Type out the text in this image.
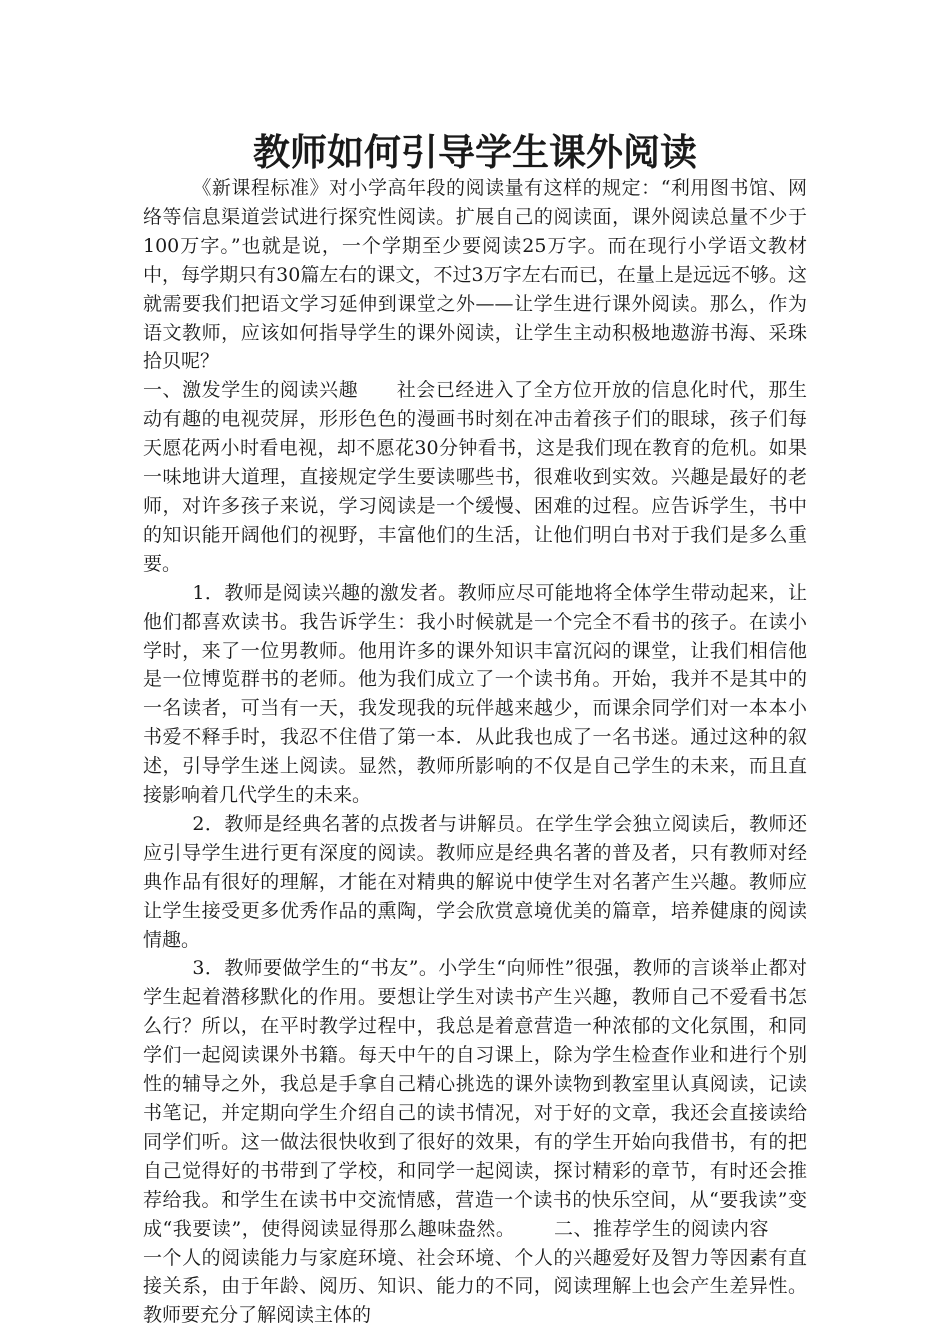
教师如何引导学生课外阅读

《新课程标准》对小学高年段的阅读量有这样的规定：“利用图书馆、网络等信息渠道尝试进行探究性阅读。扩展自己的阅读面，课外阅读总量不少于100万字。”也就是说，一个学期至少要阅读25万字。而在现行小学语文教材中，每学期只有30篇左右的课文，不过3万字左右而已，在量上是远远不够。这就需要我们把语文学习延伸到课堂之外——让学生进行课外阅读。那么，作为语文教师，应该如何指导学生的课外阅读，让学生主动积极地遨游书海、采珠拾贝呢？

一、激发学生的阅读兴趣 社会已经进入了全方位开放的信息化时代，那生动有趣的电视荧屏，形形色色的漫画书时刻在冲击着孩子们的眼球，孩子们每天愿花两小时看电视，却不愿花30分钟看书，这是我们现在教育的危机。如果一味地讲大道理，直接规定学生要读哪些书，很难收到实效。兴趣是最好的老师，对许多孩子来说，学习阅读是一个缓慢、困难的过程。应告诉学生，书中的知识能开阔他们的视野，丰富他们的生活，让他们明白书对于我们是多么重要。

1．教师是阅读兴趣的激发者。教师应尽可能地将全体学生带动起来，让他们都喜欢读书。我告诉学生：我小时候就是一个完全不看书的孩子。在读小学时，来了一位男教师。他用许多的课外知识丰富沉闷的课堂，让我们相信他是一位博览群书的老师。他为我们成立了一个读书角。开始，我并不是其中的一名读者，可当有一天，我发现我的玩伴越来越少，而课余同学们对一本本小书爱不释手时，我忍不住借了第一本．从此我也成了一名书迷。通过这种的叙述，引导学生迷上阅读。显然，教师所影响的不仅是自己学生的未来，而且直接影响着几代学生的未来。

2．教师是经典名著的点拨者与讲解员。在学生学会独立阅读后，教师还应引导学生进行更有深度的阅读。教师应是经典名著的普及者，只有教师对经典作品有很好的理解，才能在对精典的解说中使学生对名著产生兴趣。教师应让学生接受更多优秀作品的熏陶，学会欣赏意境优美的篇章，培养健康的阅读情趣。

3．教师要做学生的“书友”。小学生“向师性”很强，教师的言谈举止都对学生起着潜移默化的作用。要想让学生对读书产生兴趣，教师自己不爱看书怎么行？所以，在平时教学过程中，我总是着意营造一种浓郁的文化氛围，和同学们一起阅读课外书籍。每天中午的自习课上，除为学生检查作业和进行个别性的辅导之外，我总是手拿自己精心挑选的课外读物到教室里认真阅读，记读书笔记，并定期向学生介绍自己的读书情况，对于好的文章，我还会直接读给同学们听。这一做法很快收到了很好的效果，有的学生开始向我借书，有的把自己觉得好的书带到了学校，和同学一起阅读，探讨精彩的章节，有时还会推荐给我。和学生在读书中交流情感，营造一个读书的快乐空间，从“要我读”变成“我要读”，使得阅读显得那么趣味盎然。 二、推荐学生的阅读内容一个人的阅读能力与家庭环境、社会环境、个人的兴趣爱好及智力等因素有直接关系，由于年龄、阅历、知识、能力的不同，阅读理解上也会产生差异性。教师要充分了解阅读主体的
